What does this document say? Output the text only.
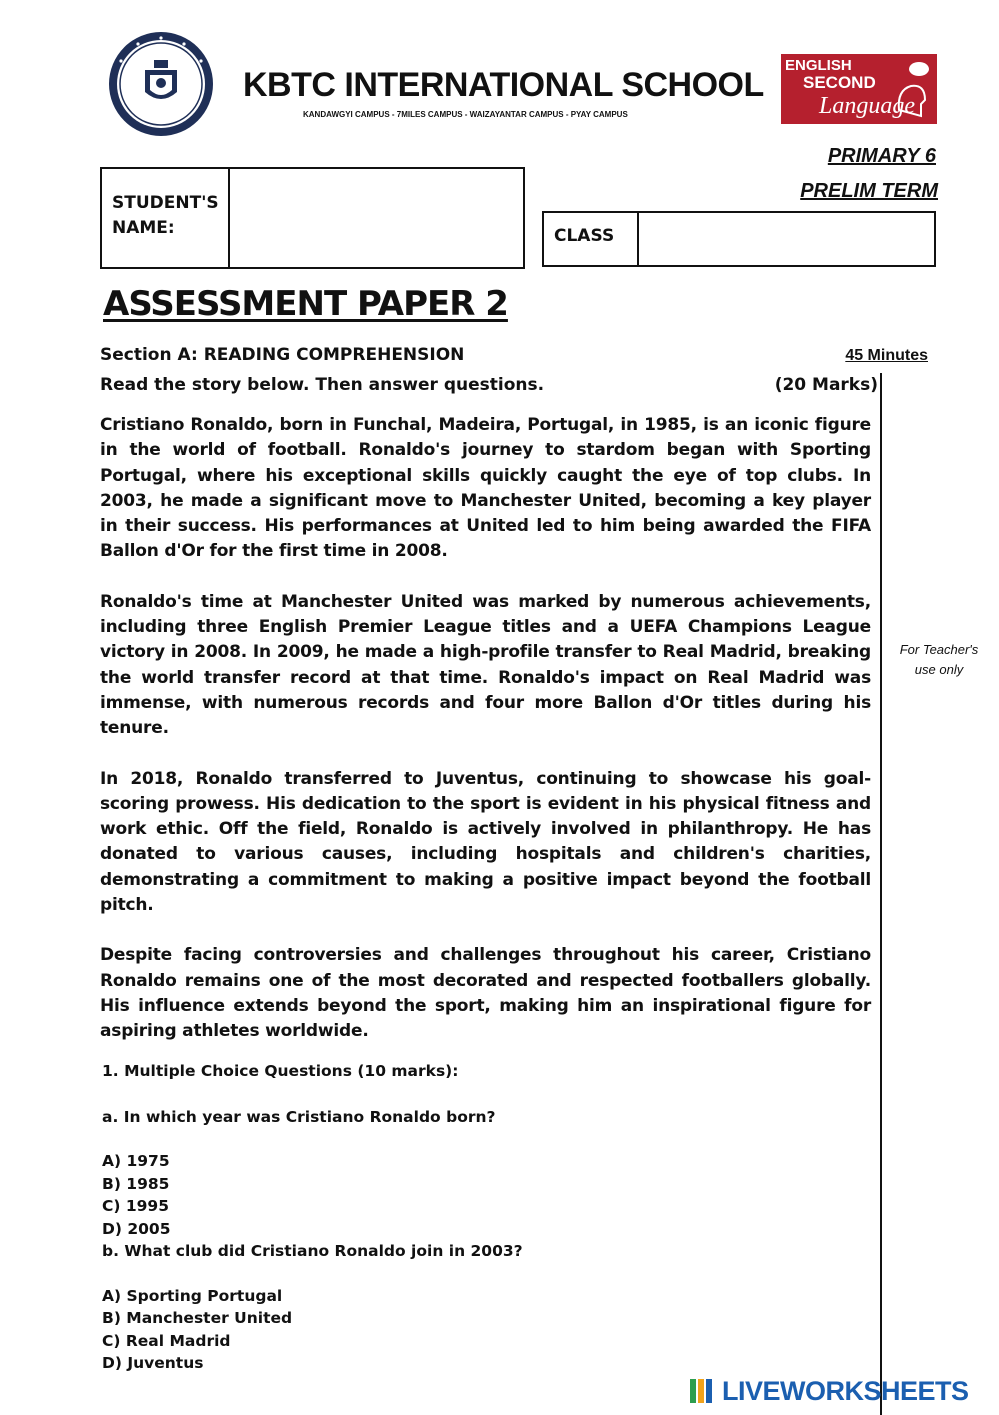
KBTC INTERNATIONAL SCHOOL
KANDAWGYI CAMPUS - 7MILES CAMPUS - WAIZAYANTAR CAMPUS - PYAY CAMPUS
ENGLISH
SECOND
Language
PRIMARY 6
PRELIM TERM
STUDENT'S NAME:	CLASS
ASSESSMENT PAPER 2
Section A: READING COMPREHENSION	45 Minutes
Read the story below. Then answer questions.	(20 Marks)
For Teacher's use only

Cristiano Ronaldo, born in Funchal, Madeira, Portugal, in 1985, is an iconic figure in the world of football. Ronaldo's journey to stardom began with Sporting Portugal, where his exceptional skills quickly caught the eye of top clubs. In 2003, he made a significant move to Manchester United, becoming a key player in their success. His performances at United led to him being awarded the FIFA Ballon d'Or for the first time in 2008.

Ronaldo's time at Manchester United was marked by numerous achievements, including three English Premier League titles and a UEFA Champions League victory in 2008. In 2009, he made a high-profile transfer to Real Madrid, breaking the world transfer record at that time. Ronaldo's impact on Real Madrid was immense, with numerous records and four more Ballon d'Or titles during his tenure.

In 2018, Ronaldo transferred to Juventus, continuing to showcase his goal-scoring prowess. His dedication to the sport is evident in his physical fitness and work ethic. Off the field, Ronaldo is actively involved in philanthropy. He has donated to various causes, including hospitals and children's charities, demonstrating a commitment to making a positive impact beyond the football pitch.

Despite facing controversies and challenges throughout his career, Cristiano Ronaldo remains one of the most decorated and respected footballers globally. His influence extends beyond the sport, making him an inspirational figure for aspiring athletes worldwide.

1. Multiple Choice Questions (10 marks):
a. In which year was Cristiano Ronaldo born?
A) 1975
B) 1985
C) 1995
D) 2005
b. What club did Cristiano Ronaldo join in 2003?
A) Sporting Portugal
B) Manchester United
C) Real Madrid
D) Juventus
LIVEWORKSHEETS
